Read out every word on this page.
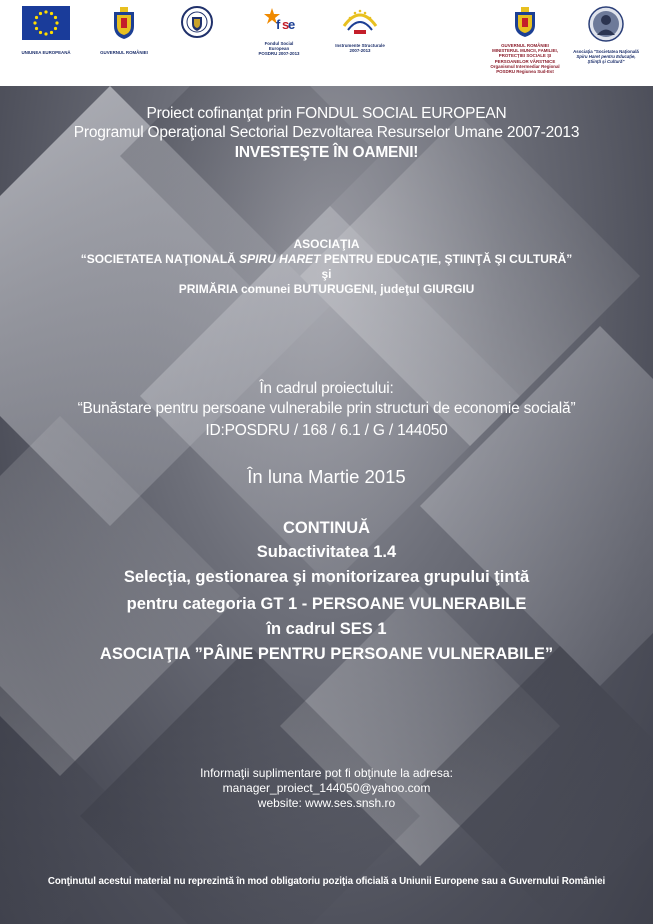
UNIUNEA EUROPEANĂ	GUVERNUL ROMÂNIEI
f s
e
Fondul Social European
POSDRU 2007-2013
Instrumente Structurale
2007-2013
GUVERNUL ROMÂNIEI
MINISTERUL MUNCII, FAMILIEI,
PROTECŢIEI SOCIALE ŞI
PERSOANELOR VÂRSTNICE
Organismul Intermediar Regional
POSDRU Regiunea Sud-Est
Asociaţia "Societatea Naţională
Spiru Haret pentru Educaţie,
Ştiinţă şi Cultură"
Proiect cofinanţat prin FONDUL SOCIAL EUROPEAN
Programul Operaţional Sectorial Dezvoltarea Resurselor Umane 2007-2013
INVESTEŞTE ÎN OAMENI!
ASOCIAŢIA
“SOCIETATEA NAŢIONALĂ SPIRU HARET PENTRU EDUCAŢIE, ŞTIINŢĂ ŞI CULTURĂ”
şi
PRIMĂRIA comunei BUTURUGENI, judeţul GIURGIU
În cadrul proiectului:
“Bunăstare pentru persoane vulnerabile prin structuri de economie socială”
ID:POSDRU / 168 / 6.1 / G / 144050
În luna Martie 2015
CONTINUĂ
Subactivitatea 1.4
Selecţia, gestionarea şi monitorizarea grupului ţintă
pentru categoria GT 1 - PERSOANE VULNERABILE
în cadrul SES 1
ASOCIAŢIA ”PÂINE PENTRU PERSOANE VULNERABILE”
Informaţii suplimentare pot fi obţinute la adresa:
manager_proiect_144050@yahoo.com
website: www.ses.snsh.ro
Conţinutul acestui material nu reprezintă în mod obligatoriu poziţia oficială a Uniunii Europene sau a Guvernului României
